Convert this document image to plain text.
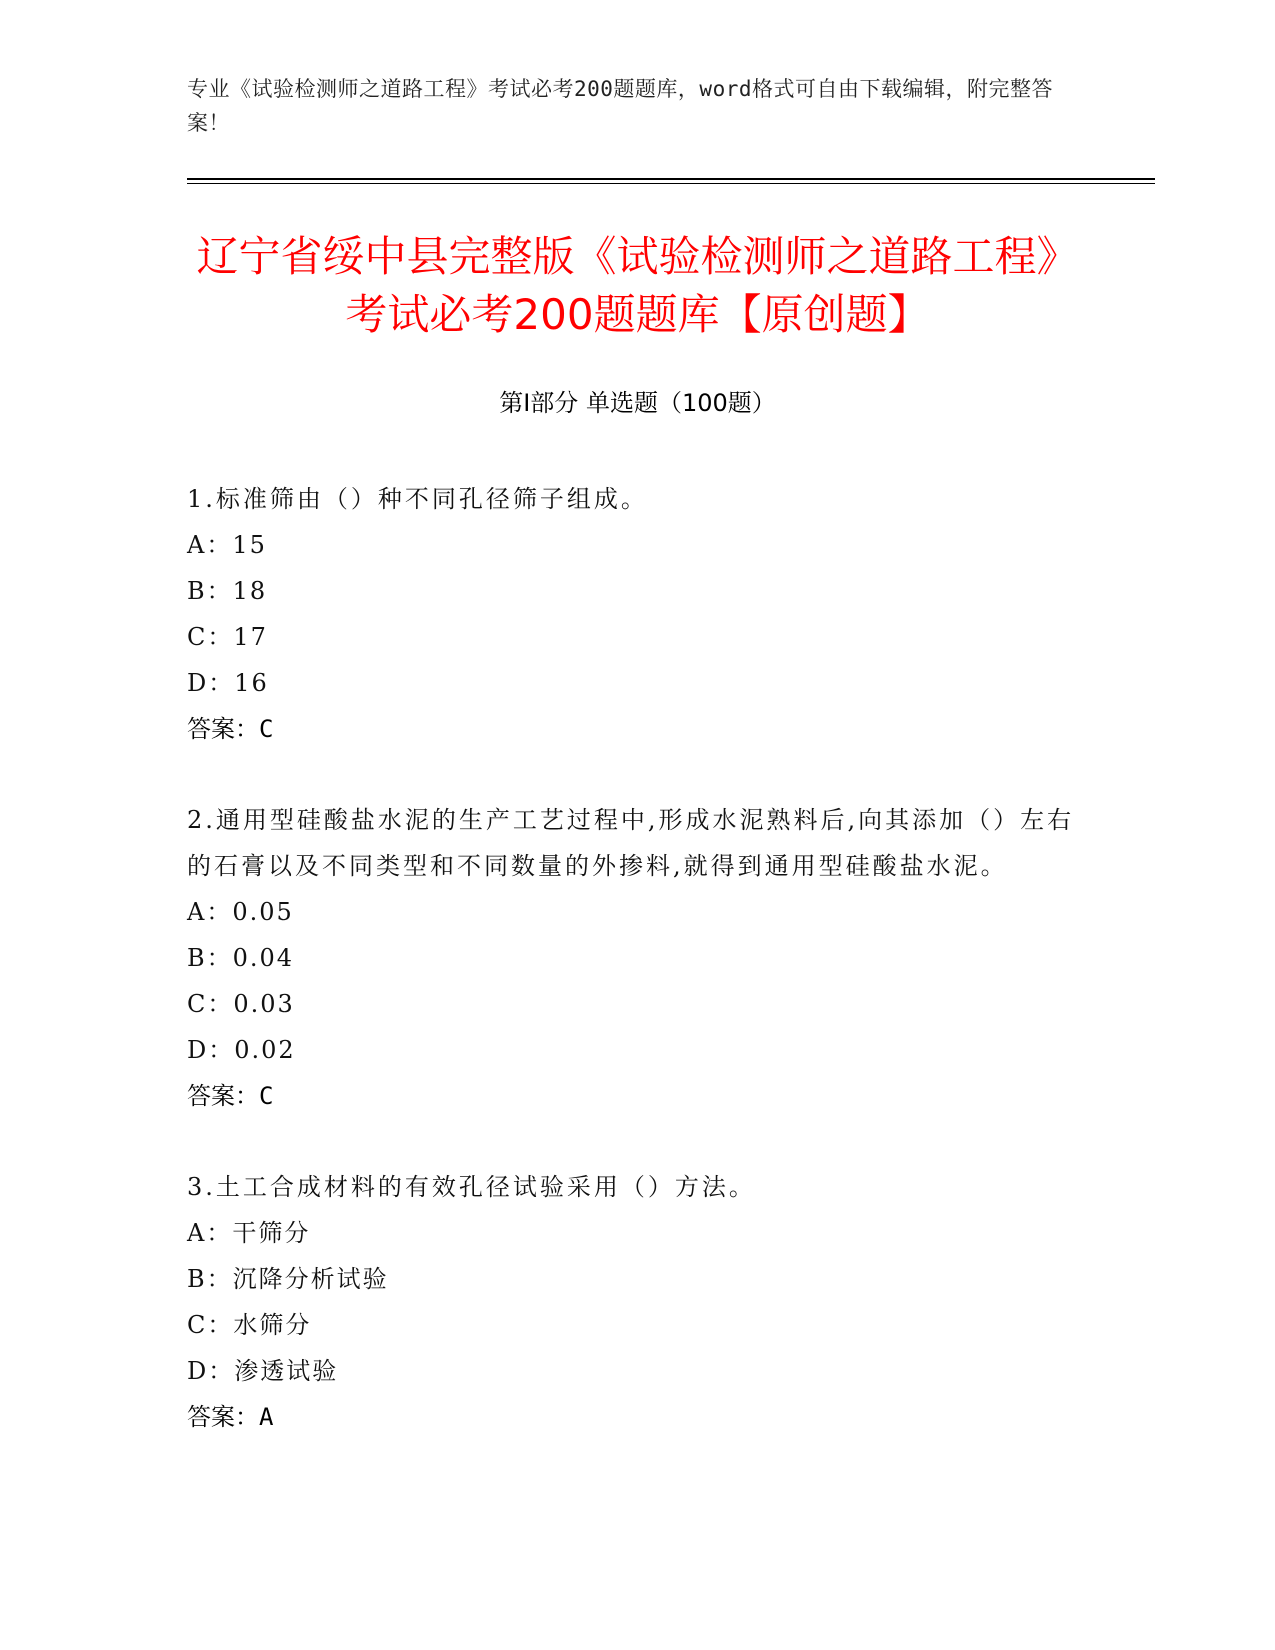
专业《试验检测师之道路工程》考试必考200题题库，word格式可自由下载编辑，附完整答案！
辽宁省绥中县完整版《试验检测师之道路工程》考试必考200题题库【原创题】
第Ⅰ部分 单选题（100题）
1.标准筛由（）种不同孔径筛子组成。
A：15
B：18
C：17
D：16
答案：C
2.通用型硅酸盐水泥的生产工艺过程中,形成水泥熟料后,向其添加（）左右的石膏以及不同类型和不同数量的外掺料,就得到通用型硅酸盐水泥。
A：0.05
B：0.04
C：0.03
D：0.02
答案：C
3.土工合成材料的有效孔径试验采用（）方法。
A：干筛分
B：沉降分析试验
C：水筛分
D：渗透试验
答案：A
